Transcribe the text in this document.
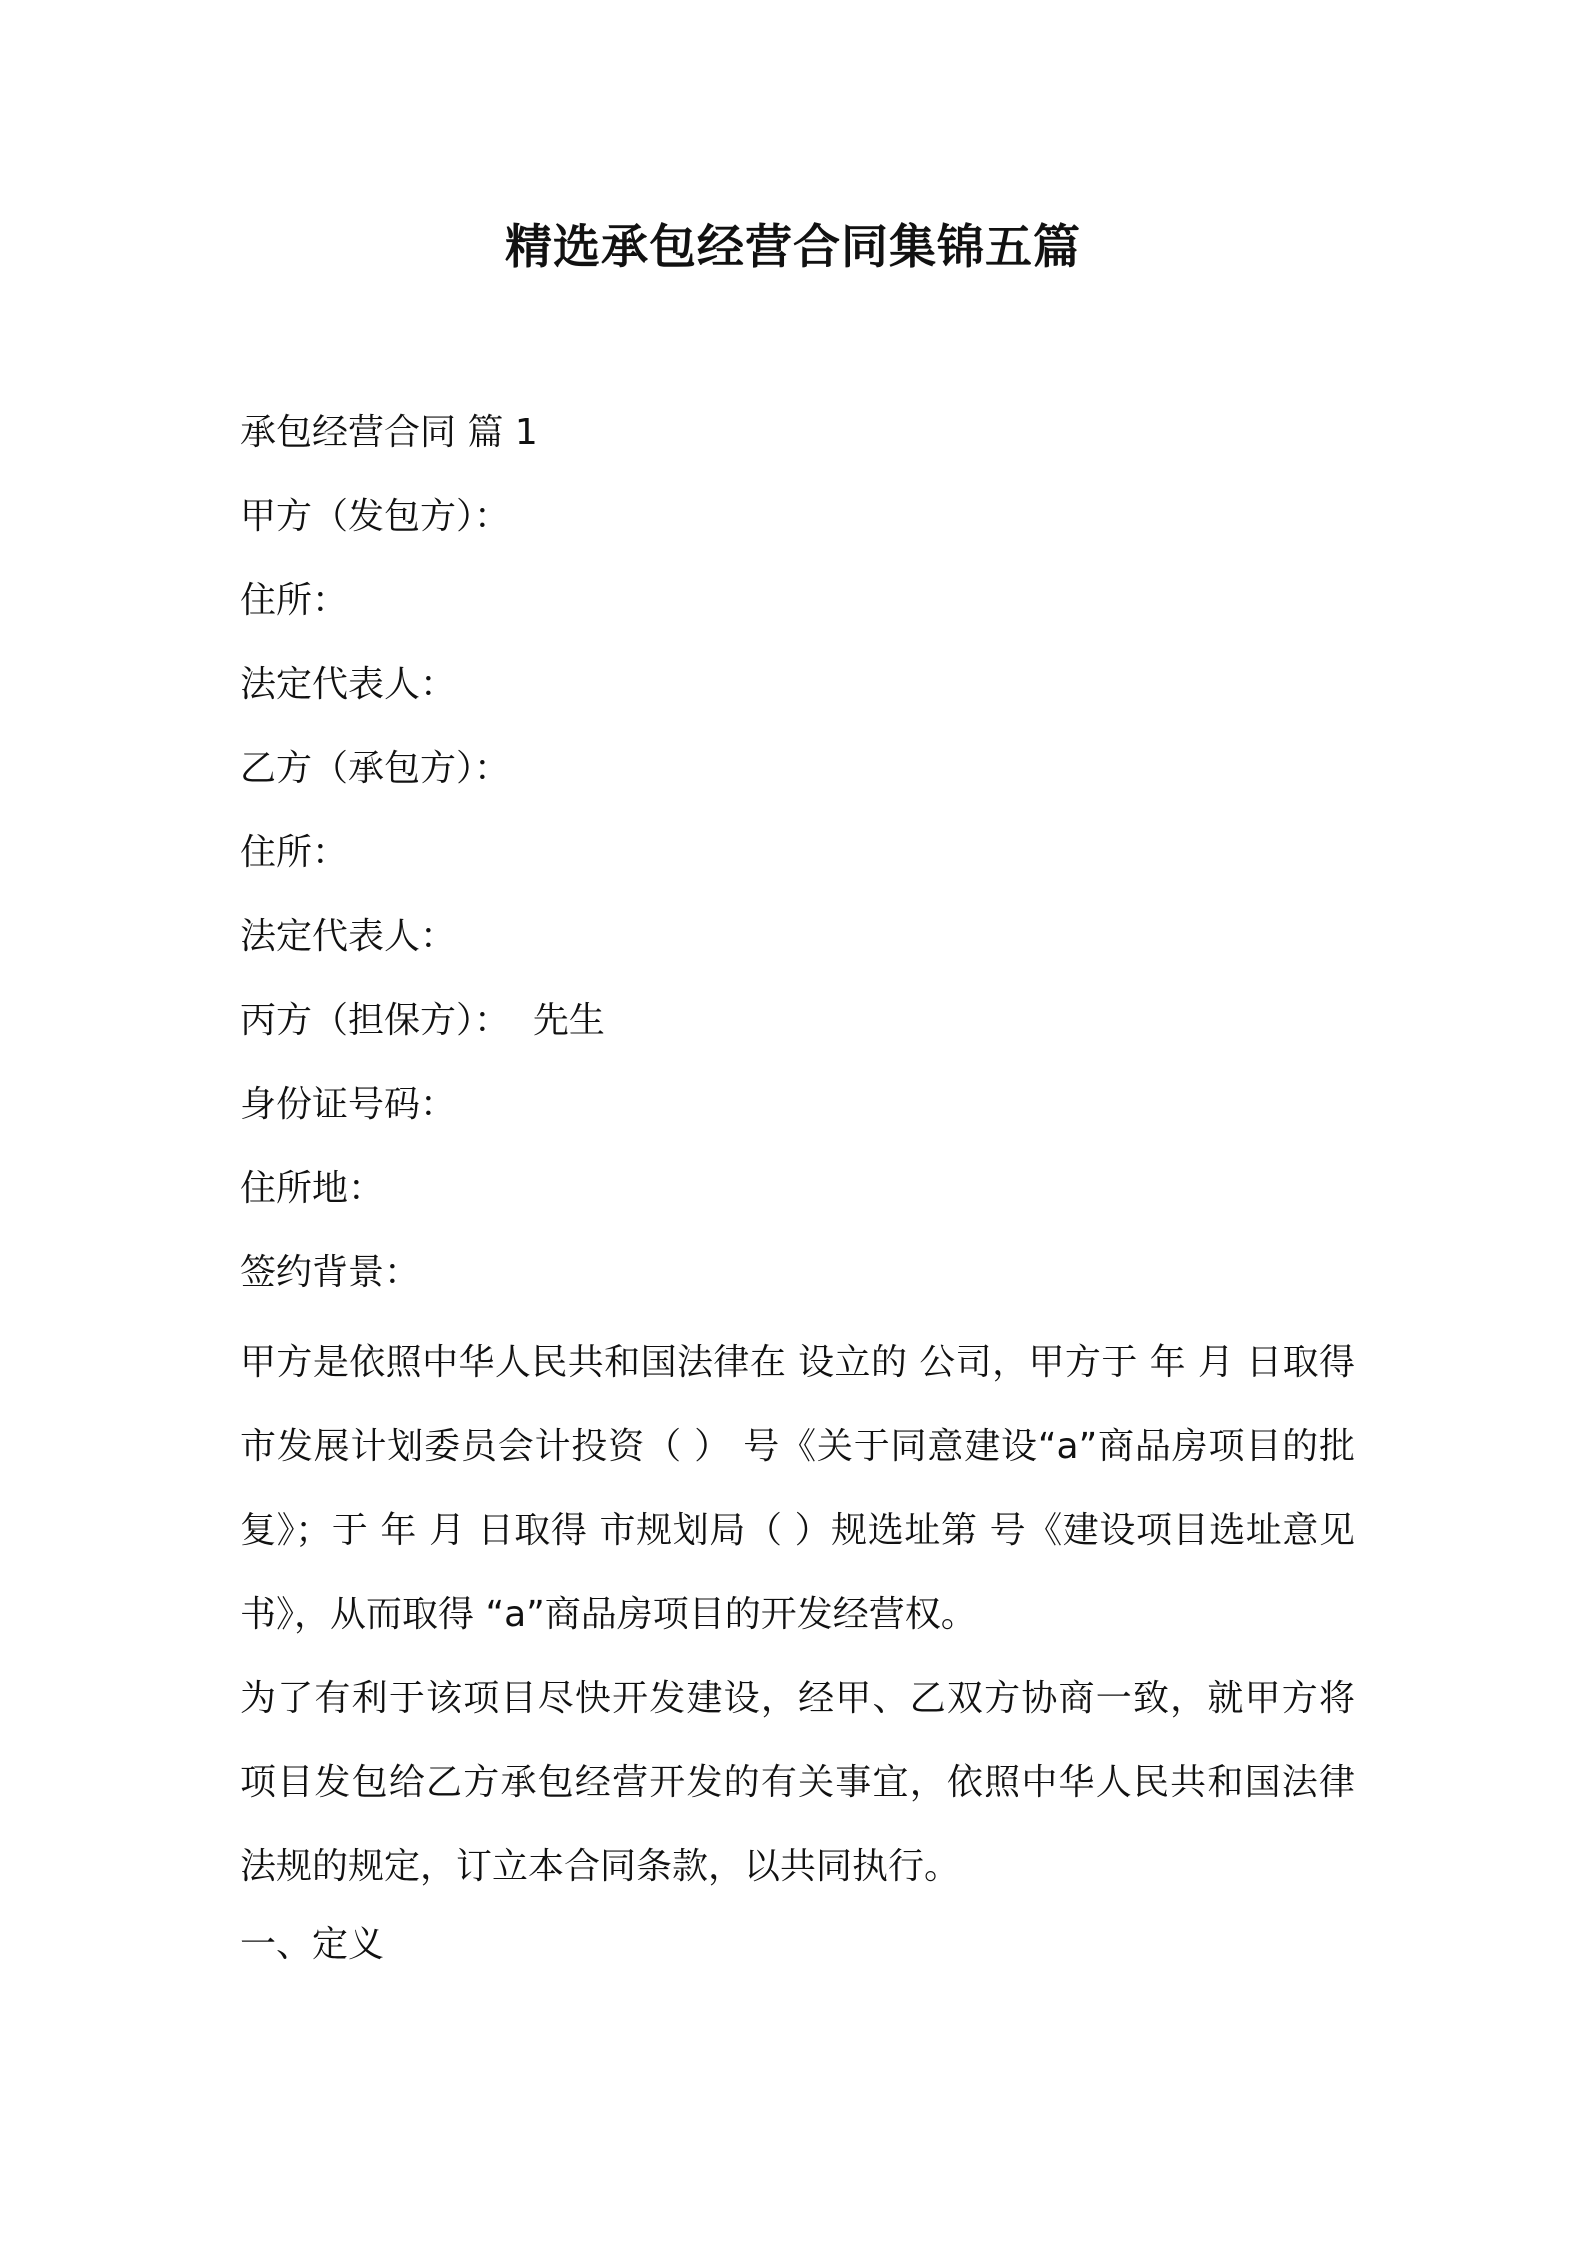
精选承包经营合同集锦五篇
承包经营合同 篇 1
甲方（发包方）：
住所：
法定代表人：
乙方（承包方）：
住所：
法定代表人：
丙方（担保方）：  先生
身份证号码：
住所地：
签约背景：
甲方是依照中华人民共和国法律在 设立的 公司，甲方于 年 月 日取得 市发展计划委员会计投资（ ） 号《关于同意建设“a”商品房项目的批复》；于 年 月 日取得 市规划局（ ）规选址第 号《建设项目选址意见书》，从而取得 “a”商品房项目的开发经营权。
为了有利于该项目尽快开发建设，经甲、乙双方协商一致，就甲方将项目发包给乙方承包经营开发的有关事宜，依照中华人民共和国法律法规的规定，订立本合同条款，以共同执行。
一、定义
